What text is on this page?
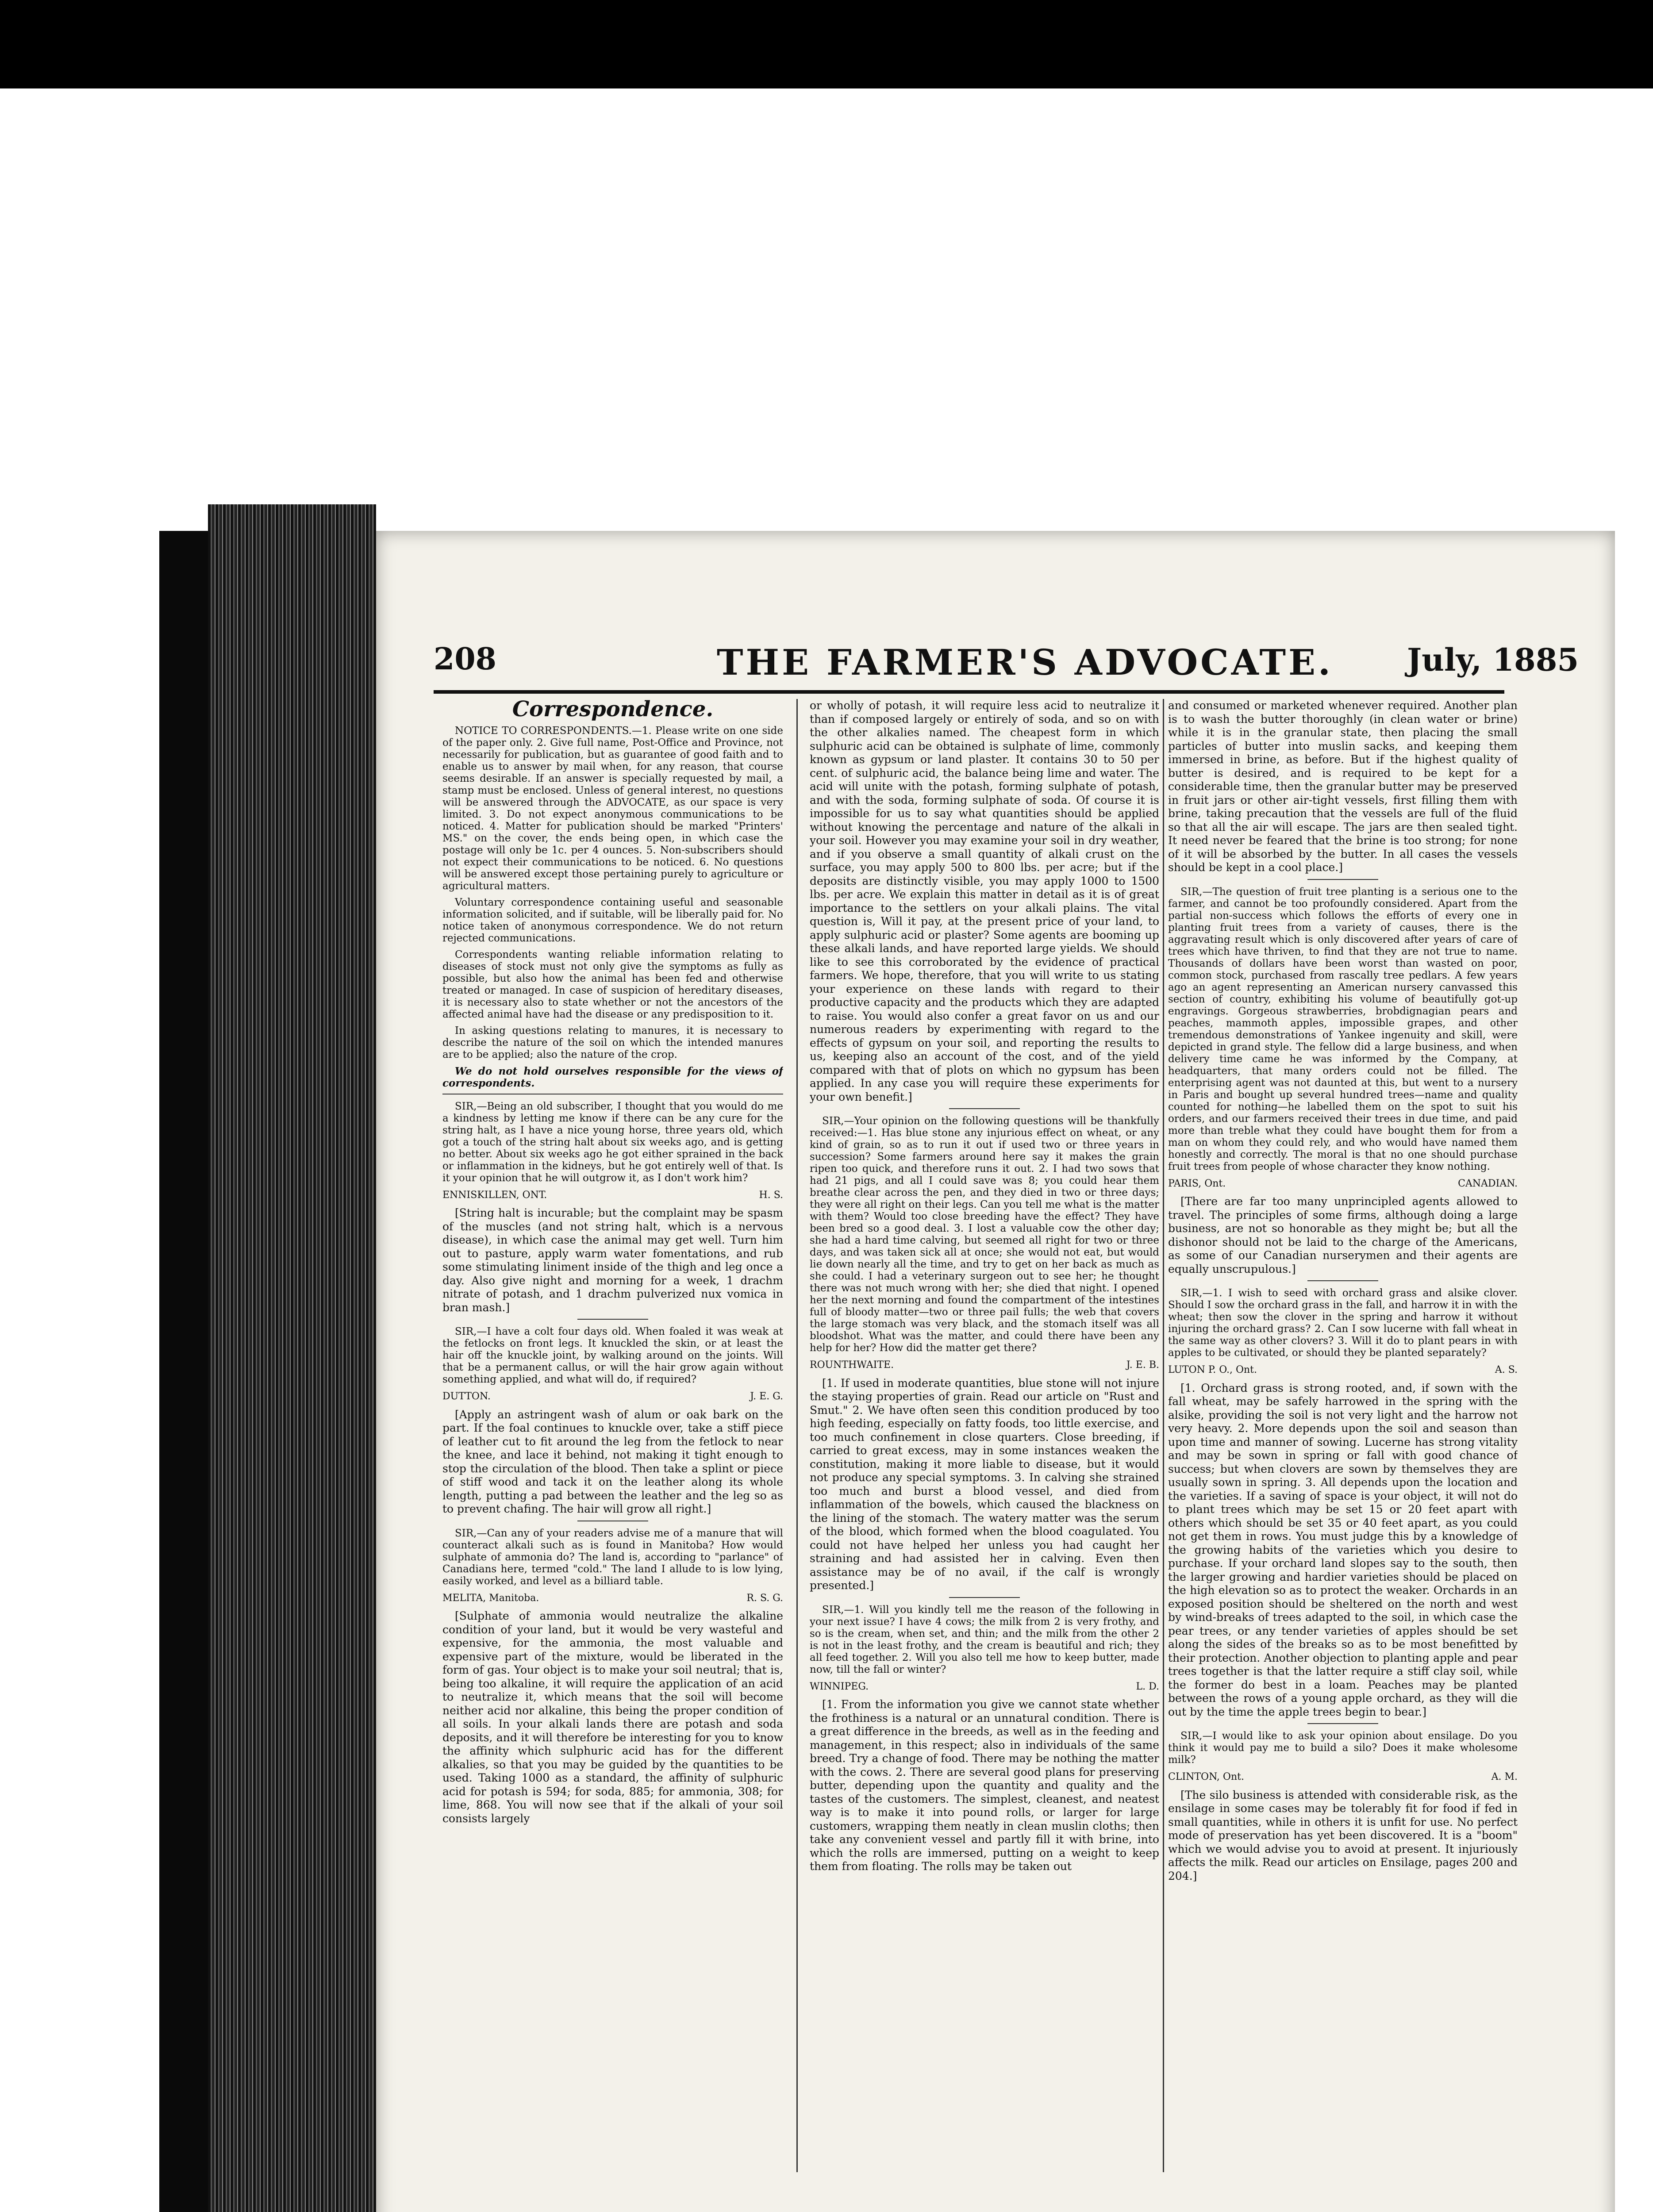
208	THE FARMER'S ADVOCATE. July, 1885
Correspondence.

NOTICE TO CORRESPONDENTS.—1. Please write on one side of the paper only. 2. Give full name, Post-Office and Province, not necessarily for publication, but as guarantee of good faith and to enable us to answer by mail when, for any reason, that course seems desirable. If an answer is specially requested by mail, a stamp must be enclosed. Unless of general interest, no questions will be answered through the ADVOCATE, as our space is very limited. 3. Do not expect anonymous communications to be noticed. 4. Matter for publication should be marked "Printers' MS." on the cover, the ends being open, in which case the postage will only be 1c. per 4 ounces. 5. Non-subscribers should not expect their communications to be noticed. 6. No questions will be answered except those pertaining purely to agriculture or agricultural matters.

Voluntary correspondence containing useful and seasonable information solicited, and if suitable, will be liberally paid for. No notice taken of anonymous correspondence. We do not return rejected communications.

Correspondents wanting reliable information relating to diseases of stock must not only give the symptoms as fully as possible, but also how the animal has been fed and otherwise treated or managed. In case of suspicion of hereditary diseases, it is necessary also to state whether or not the ancestors of the affected animal have had the disease or any predisposition to it.

In asking questions relating to manures, it is necessary to describe the nature of the soil on which the intended manures are to be applied; also the nature of the crop.

We do not hold ourselves responsible for the views of correspondents.

SIR,—Being an old subscriber, I thought that you would do me a kindness by letting me know if there can be any cure for the string halt, as I have a nice young horse, three years old, which got a touch of the string halt about six weeks ago, and is getting no better. About six weeks ago he got either sprained in the back or inflammation in the kidneys, but he got entirely well of that. Is it your opinion that he will outgrow it, as I don't work him?

ENNISKILLEN, ONT.	H. S.

[String halt is incurable; but the complaint may be spasm of the muscles (and not string halt, which is a nervous disease), in which case the animal may get well. Turn him out to pasture, apply warm water fomentations, and rub some stimulating liniment inside of the thigh and leg once a day. Also give night and morning for a week, 1 drachm nitrate of potash, and 1 drachm pulverized nux vomica in bran mash.]

SIR,—I have a colt four days old. When foaled it was weak at the fetlocks on front legs. It knuckled the skin, or at least the hair off the knuckle joint, by walking around on the joints. Will that be a permanent callus, or will the hair grow again without something applied, and what will do, if required?

DUTTON.	J. E. G.

[Apply an astringent wash of alum or oak bark on the part. If the foal continues to knuckle over, take a stiff piece of leather cut to fit around the leg from the fetlock to near the knee, and lace it behind, not making it tight enough to stop the circulation of the blood. Then take a splint or piece of stiff wood and tack it on the leather along its whole length, putting a pad between the leather and the leg so as to prevent chafing. The hair will grow all right.]

SIR,—Can any of your readers advise me of a manure that will counteract alkali such as is found in Manitoba? How would sulphate of ammonia do? The land is, according to "parlance" of Canadians here, termed "cold." The land I allude to is low lying, easily worked, and level as a billiard table.

MELITA, Manitoba.	R. S. G.

[Sulphate of ammonia would neutralize the alkaline condition of your land, but it would be very wasteful and expensive, for the ammonia, the most valuable and expensive part of the mixture, would be liberated in the form of gas. Your object is to make your soil neutral; that is, being too alkaline, it will require the application of an acid to neutralize it, which means that the soil will become neither acid nor alkaline, this being the proper condition of all soils. In your alkali lands there are potash and soda deposits, and it will therefore be interesting for you to know the affinity which sulphuric acid has for the different alkalies, so that you may be guided by the quantities to be used. Taking 1000 as a standard, the affinity of sulphuric acid for potash is 594; for soda, 885; for ammonia, 308; for lime, 868. You will now see that if the alkali of your soil consists largely

or wholly of potash, it will require less acid to neutralize it than if composed largely or entirely of soda, and so on with the other alkalies named. The cheapest form in which sulphuric acid can be obtained is sulphate of lime, commonly known as gypsum or land plaster. It contains 30 to 50 per cent. of sulphuric acid, the balance being lime and water. The acid will unite with the potash, forming sulphate of potash, and with the soda, forming sulphate of soda. Of course it is impossible for us to say what quantities should be applied without knowing the percentage and nature of the alkali in your soil. However you may examine your soil in dry weather, and if you observe a small quantity of alkali crust on the surface, you may apply 500 to 800 lbs. per acre; but if the deposits are distinctly visible, you may apply 1000 to 1500 lbs. per acre. We explain this matter in detail as it is of great importance to the settlers on your alkali plains. The vital question is, Will it pay, at the present price of your land, to apply sulphuric acid or plaster? Some agents are booming up these alkali lands, and have reported large yields. We should like to see this corroborated by the evidence of practical farmers. We hope, therefore, that you will write to us stating your experience on these lands with regard to their productive capacity and the products which they are adapted to raise. You would also confer a great favor on us and our numerous readers by experimenting with regard to the effects of gypsum on your soil, and reporting the results to us, keeping also an account of the cost, and of the yield compared with that of plots on which no gypsum has been applied. In any case you will require these experiments for your own benefit.]

SIR,—Your opinion on the following questions will be thankfully received:—1. Has blue stone any injurious effect on wheat, or any kind of grain, so as to run it out if used two or three years in succession? Some farmers around here say it makes the grain ripen too quick, and therefore runs it out. 2. I had two sows that had 21 pigs, and all I could save was 8; you could hear them breathe clear across the pen, and they died in two or three days; they were all right on their legs. Can you tell me what is the matter with them? Would too close breeding have the effect? They have been bred so a good deal. 3. I lost a valuable cow the other day; she had a hard time calving, but seemed all right for two or three days, and was taken sick all at once; she would not eat, but would lie down nearly all the time, and try to get on her back as much as she could. I had a veterinary surgeon out to see her; he thought there was not much wrong with her; she died that night. I opened her the next morning and found the compartment of the intestines full of bloody matter—two or three pail fulls; the web that covers the large stomach was very black, and the stomach itself was all bloodshot. What was the matter, and could there have been any help for her? How did the matter get there?

ROUNTHWAITE.	J. E. B.

[1. If used in moderate quantities, blue stone will not injure the staying properties of grain. Read our article on "Rust and Smut." 2. We have often seen this condition produced by too high feeding, especially on fatty foods, too little exercise, and too much confinement in close quarters. Close breeding, if carried to great excess, may in some instances weaken the constitution, making it more liable to disease, but it would not produce any special symptoms. 3. In calving she strained too much and burst a blood vessel, and died from inflammation of the bowels, which caused the blackness on the lining of the stomach. The watery matter was the serum of the blood, which formed when the blood coagulated. You could not have helped her unless you had caught her straining and had assisted her in calving. Even then assistance may be of no avail, if the calf is wrongly presented.]

SIR,—1. Will you kindly tell me the reason of the following in your next issue? I have 4 cows; the milk from 2 is very frothy, and so is the cream, when set, and thin; and the milk from the other 2 is not in the least frothy, and the cream is beautiful and rich; they all feed together. 2. Will you also tell me how to keep butter, made now, till the fall or winter?

WINNIPEG.	L. D.

[1. From the information you give we cannot state whether the frothiness is a natural or an unnatural condition. There is a great difference in the breeds, as well as in the feeding and management, in this respect; also in individuals of the same breed. Try a change of food. There may be nothing the matter with the cows. 2. There are several good plans for preserving butter, depending upon the quantity and quality and the tastes of the customers. The simplest, cleanest, and neatest way is to make it into pound rolls, or larger for large customers, wrapping them neatly in clean muslin cloths; then take any convenient vessel and partly fill it with brine, into which the rolls are immersed, putting on a weight to keep them from floating. The rolls may be taken out

and consumed or marketed whenever required. Another plan is to wash the butter thoroughly (in clean water or brine) while it is in the granular state, then placing the small particles of butter into muslin sacks, and keeping them immersed in brine, as before. But if the highest quality of butter is desired, and is required to be kept for a considerable time, then the granular butter may be preserved in fruit jars or other air-tight vessels, first filling them with brine, taking precaution that the vessels are full of the fluid so that all the air will escape. The jars are then sealed tight. It need never be feared that the brine is too strong; for none of it will be absorbed by the butter. In all cases the vessels should be kept in a cool place.]

SIR,—The question of fruit tree planting is a serious one to the farmer, and cannot be too profoundly considered. Apart from the partial non-success which follows the efforts of every one in planting fruit trees from a variety of causes, there is the aggravating result which is only discovered after years of care of trees which have thriven, to find that they are not true to name. Thousands of dollars have been worst than wasted on poor, common stock, purchased from rascally tree pedlars. A few years ago an agent representing an American nursery canvassed this section of country, exhibiting his volume of beautifully got-up engravings. Gorgeous strawberries, brobdignagian pears and peaches, mammoth apples, impossible grapes, and other tremendous demonstrations of Yankee ingenuity and skill, were depicted in grand style. The fellow did a large business, and when delivery time came he was informed by the Company, at headquarters, that many orders could not be filled. The enterprising agent was not daunted at this, but went to a nursery in Paris and bought up several hundred trees—name and quality counted for nothing—he labelled them on the spot to suit his orders, and our farmers received their trees in due time, and paid more than treble what they could have bought them for from a man on whom they could rely, and who would have named them honestly and correctly. The moral is that no one should purchase fruit trees from people of whose character they know nothing.

PARIS, Ont.	CANADIAN.

[There are far too many unprincipled agents allowed to travel. The principles of some firms, although doing a large business, are not so honorable as they might be; but all the dishonor should not be laid to the charge of the Americans, as some of our Canadian nurserymen and their agents are equally unscrupulous.]

SIR,—1. I wish to seed with orchard grass and alsike clover. Should I sow the orchard grass in the fall, and harrow it in with the wheat; then sow the clover in the spring and harrow it without injuring the orchard grass? 2. Can I sow lucerne with fall wheat in the same way as other clovers? 3. Will it do to plant pears in with apples to be cultivated, or should they be planted separately?

LUTON P. O., Ont.	A. S.

[1. Orchard grass is strong rooted, and, if sown with the fall wheat, may be safely harrowed in the spring with the alsike, providing the soil is not very light and the harrow not very heavy. 2. More depends upon the soil and season than upon time and manner of sowing. Lucerne has strong vitality and may be sown in spring or fall with good chance of success; but when clovers are sown by themselves they are usually sown in spring. 3. All depends upon the location and the varieties. If a saving of space is your object, it will not do to plant trees which may be set 15 or 20 feet apart with others which should be set 35 or 40 feet apart, as you could not get them in rows. You must judge this by a knowledge of the growing habits of the varieties which you desire to purchase. If your orchard land slopes say to the south, then the larger growing and hardier varieties should be placed on the high elevation so as to protect the weaker. Orchards in an exposed position should be sheltered on the north and west by wind-breaks of trees adapted to the soil, in which case the pear trees, or any tender varieties of apples should be set along the sides of the breaks so as to be most benefitted by their protection. Another objection to planting apple and pear trees together is that the latter require a stiff clay soil, while the former do best in a loam. Peaches may be planted between the rows of a young apple orchard, as they will die out by the time the apple trees begin to bear.]

SIR,—I would like to ask your opinion about ensilage. Do you think it would pay me to build a silo? Does it make wholesome milk?

CLINTON, Ont.	A. M.

[The silo business is attended with considerable risk, as the ensilage in some cases may be tolerably fit for food if fed in small quantities, while in others it is unfit for use. No perfect mode of preservation has yet been discovered. It is a "boom" which we would advise you to avoid at present. It injuriously affects the milk. Read our articles on Ensilage, pages 200 and 204.]
